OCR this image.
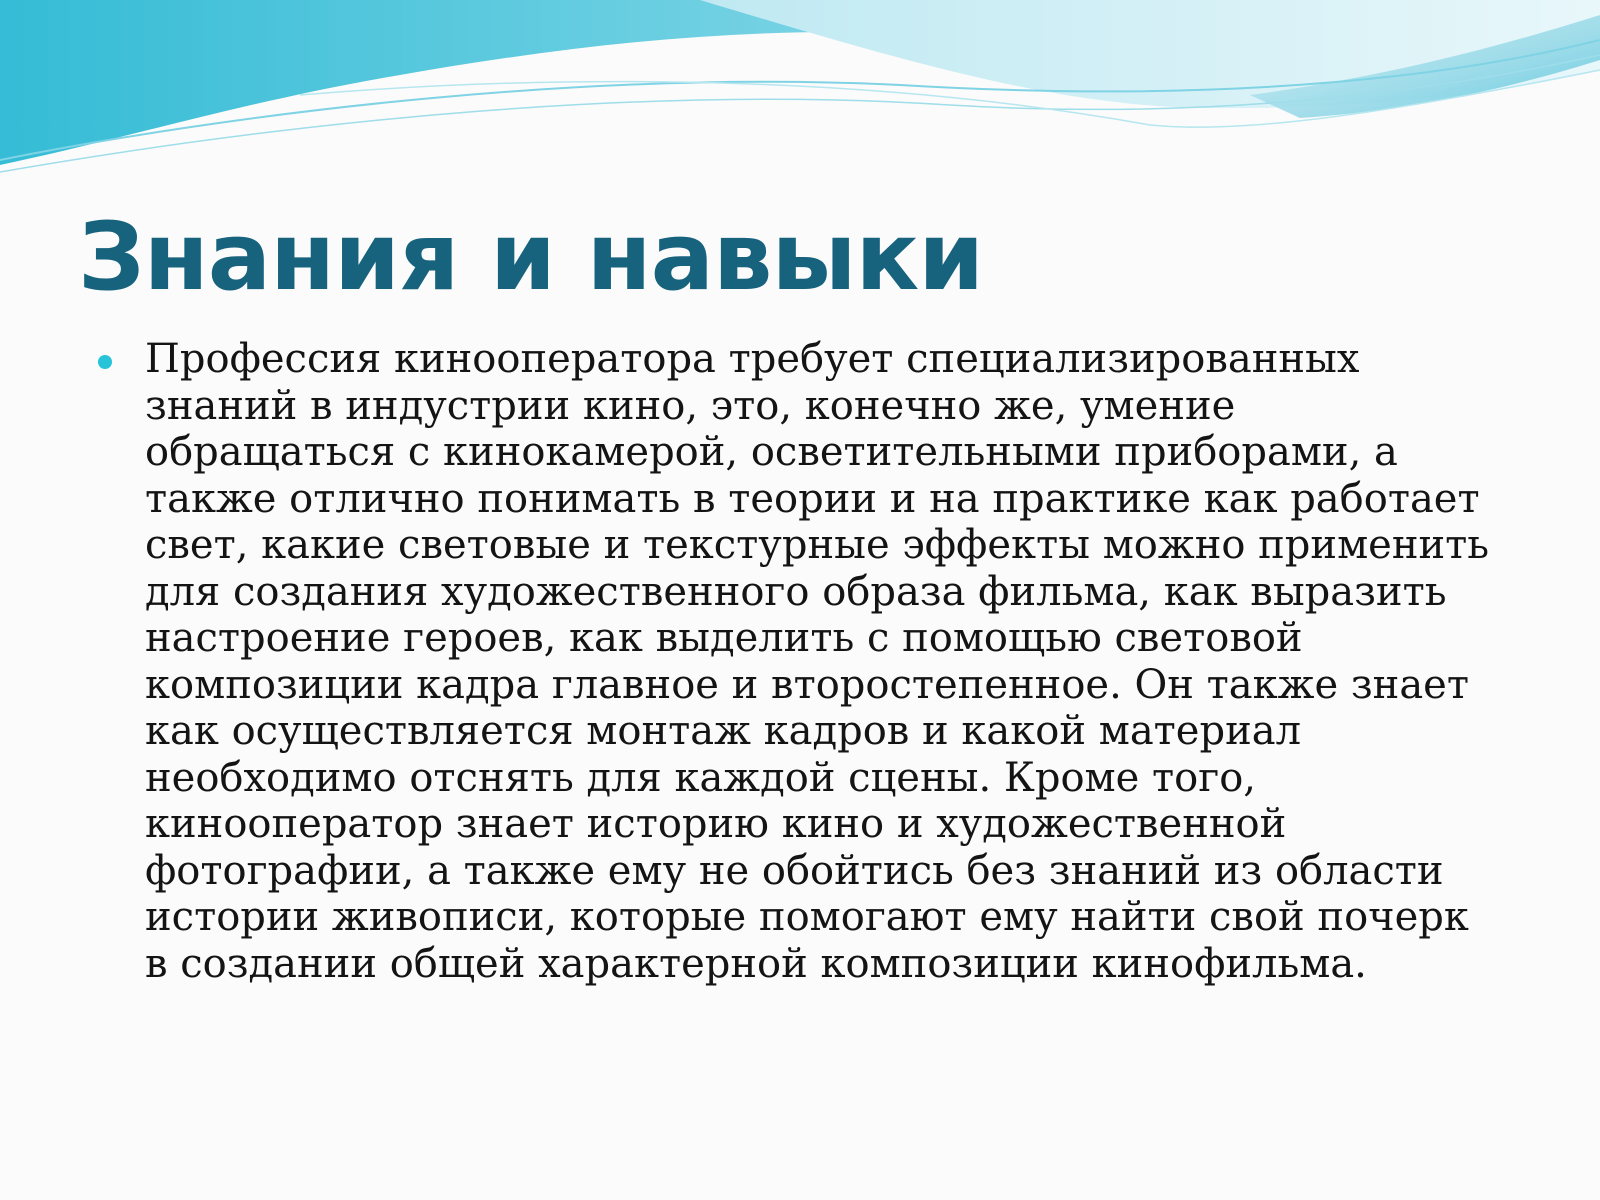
Знания и навыки

Профессия кинооператора требует специализированных знаний в индустрии кино, это, конечно же, умение обращаться с кинокамерой, осветительными приборами, а также отлично понимать в теории и на практике как работает свет, какие световые и текстурные эффекты можно применить для создания художественного образа фильма, как выразить настроение героев, как выделить с помощью световой композиции кадра главное и второстепенное. Он также знает как осуществляется монтаж кадров и какой материал необходимо отснять для каждой сцены. Кроме того, кинооператор знает историю кино и художественной фотографии, а также ему не обойтись без знаний из области истории живописи, которые помогают ему найти свой почерк в создании общей характерной композиции кинофильма.
